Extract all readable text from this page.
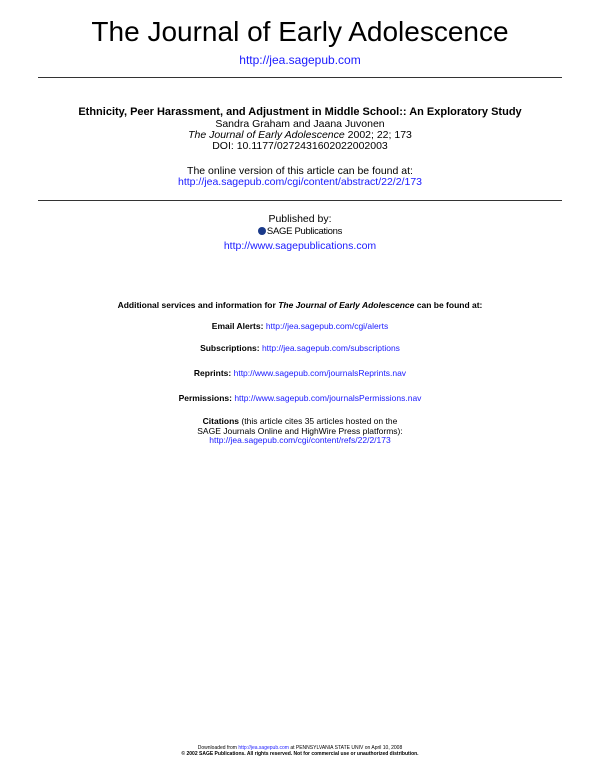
The Journal of Early Adolescence
http://jea.sagepub.com
Ethnicity, Peer Harassment, and Adjustment in Middle School:: An Exploratory Study
Sandra Graham and Jaana Juvonen
The Journal of Early Adolescence 2002; 22; 173
DOI: 10.1177/0272431602022002003
The online version of this article can be found at:
http://jea.sagepub.com/cgi/content/abstract/22/2/173
Published by:
SAGE Publications
http://www.sagepublications.com
Additional services and information for The Journal of Early Adolescence can be found at:
Email Alerts: http://jea.sagepub.com/cgi/alerts
Subscriptions: http://jea.sagepub.com/subscriptions
Reprints: http://www.sagepub.com/journalsReprints.nav
Permissions: http://www.sagepub.com/journalsPermissions.nav
Citations (this article cites 35 articles hosted on the
SAGE Journals Online and HighWire Press platforms):
http://jea.sagepub.com/cgi/content/refs/22/2/173
Downloaded from http://jea.sagepub.com at PENNSYLVANIA STATE UNIV on April 10, 2008
© 2002 SAGE Publications. All rights reserved. Not for commercial use or unauthorized distribution.
